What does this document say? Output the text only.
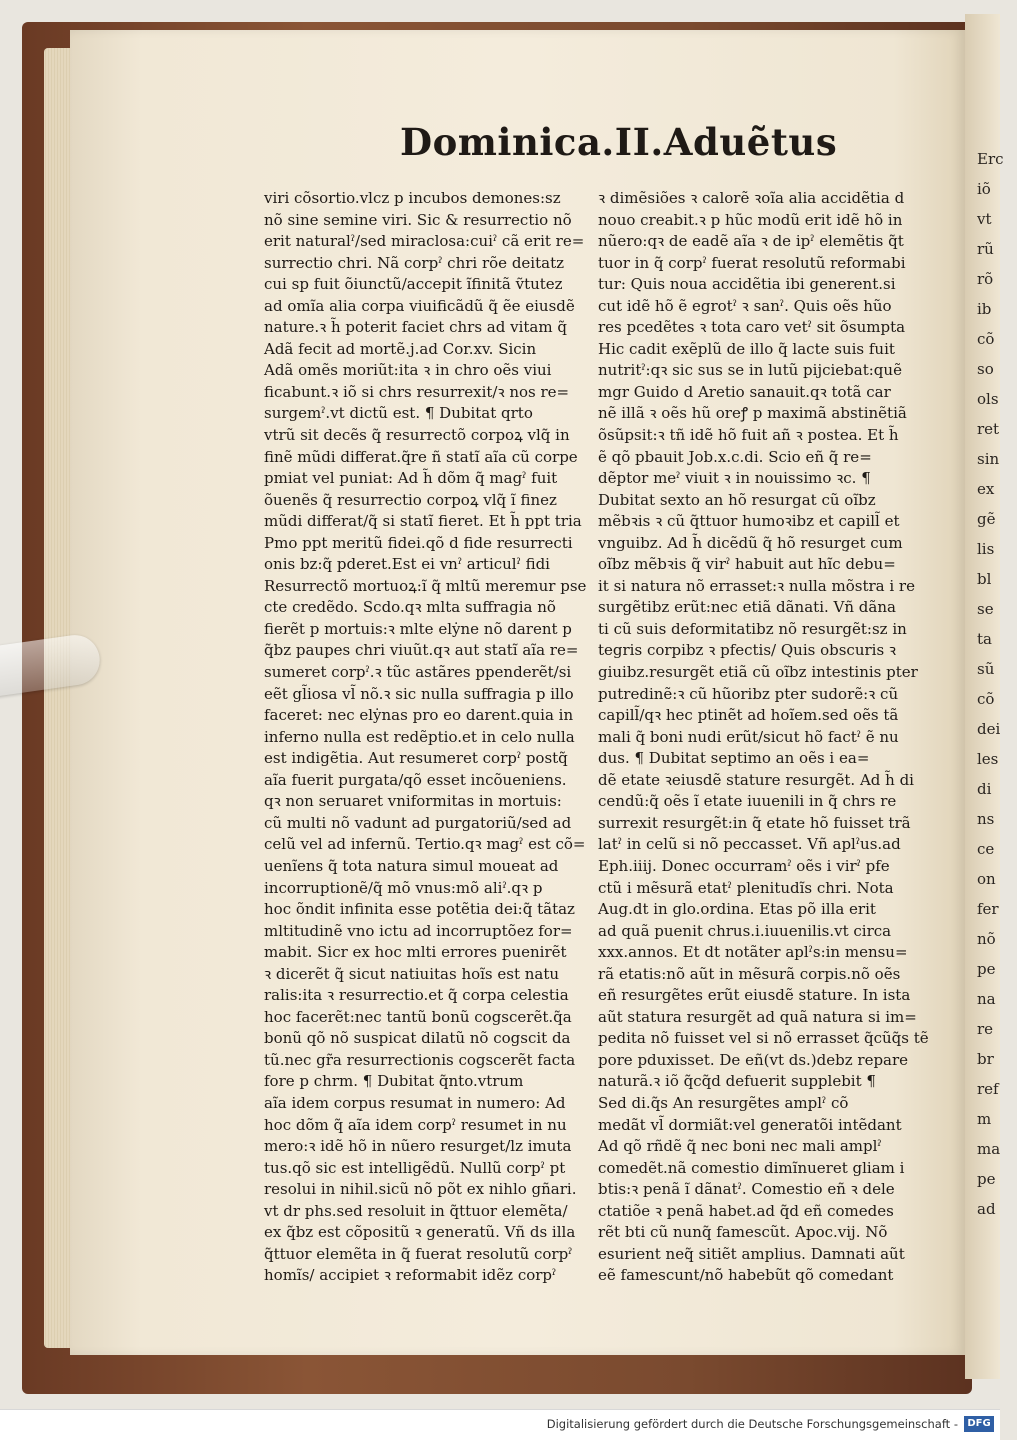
Erc
iõ
vt
rũ
rõ
ib
cõ
so
ols
ret
sin
ex
gẽ
lis
bl
se
ta
sũ
cõ
dei
les
di
ns
ce
on
fer
nõ
pe
na
re
br
ref
m
ma
pe
ad
Dominica.II.Aduẽtus
viri cõsortio.vlcz p incubos demones:sz
nõ sine semine viri. Sic & resurrectio nõ
erit naturalˀ/sed miraclosa:cuiˀ cã erit re=
surrectio chri. Nã corpˀ chri rõe deitatz
cui sp fuit õiunctũ/accepit ĩfinitã ṽtutez
ad omĩa alia corpa viuificãdũ q̃ ẽe eiusdẽ
nature.ꝛ h̃ poterit faciet chrs ad vitam q̃
Adã fecit ad mortẽ.j.ad Cor.xv. Sicin
Adã omẽs moriũt:ita ꝛ in chro oẽs viui
ficabunt.ꝛ iõ si chrs resurrexit/ꝛ nos re=
surgemˀ.vt dictũ est. ¶ Dubitat qrto
vtrũ sit decẽs q̃ resurrectõ corpoꝝ vlq̃ in
finẽ mũdi differat.q̃re ñ statĩ aĩa cũ corpe
pmiat vel puniat: Ad h̃ dõm q̃ magˀ fuit
õuenẽs q̃ resurrectio corpoꝝ vlq̃ ĩ finez
mũdi differat/q̃ si statĩ fieret. Et h̃ ppt tria
Pmo ppt meritũ fidei.qõ d fide resurrecti
onis bz:q̃ pderet.Est ei vnˀ articulˀ fidi
Resurrectõ mortuoꝝ:ĩ q̃ mltũ meremur pse
cte credẽdo. Scdo.qꝛ mlta suffragia nõ
fierẽt p mortuis:ꝛ mlte elẏne nõ darent p
q̃bz paupes chri viuũt.qꝛ aut statĩ aĩa re=
sumeret corpˀ.ꝛ tũc astãres ppenderẽt/si
eẽt gl̃iosa vl̃ nõ.ꝛ sic nulla suffragia p illo
faceret: nec elẏnas pro eo darent.quia in
inferno nulla est redẽptio.et in celo nulla
est indigẽtia. Aut resumeret corpˀ postq̃
aĩa fuerit purgata/qõ esset incõueniens.
qꝛ non seruaret vniformitas in mortuis:
cũ multi nõ vadunt ad purgatoriũ/sed ad
celũ vel ad infernũ. Tertio.qꝛ magˀ est cõ=
uenĩens q̃ tota natura simul moueat ad
incorruptionẽ/q̃ mõ vnus:mõ aliˀ.qꝛ p
hoc õndit infinita esse potẽtia dei:q̃ tãtaz
mltitudinẽ vno ictu ad incorruptõez for=
mabit. Sicr ex hoc mlti errores puenirẽt
ꝛ dicerẽt q̃ sicut natiuitas hoĩs est natu
ralis:ita ꝛ resurrectio.et q̃ corpa celestia
hoc facerẽt:nec tantũ bonũ cogscerẽt.q̃a
bonũ qõ nõ suspicat dilatũ nõ cogscit da
tũ.nec gr̃a resurrectionis cogscerẽt facta
fore p chrm. ¶ Dubitat q̃nto.vtrum
aĩa idem corpus resumat in numero: Ad
hoc dõm q̃ aĩa idem corpˀ resumet in nu
mero:ꝛ idẽ hõ in nũero resurget/lz imuta
tus.qõ sic est intelligẽdũ. Nullũ corpˀ pt
resolui in nihil.sicũ nõ põt ex nihlo gñari.
vt dr phs.sed resoluit in q̃ttuor elemẽta/
ex q̃bz est cõpositũ ꝛ generatũ. Vñ ds illa
q̃ttuor elemẽta in q̃ fuerat resolutũ corpˀ
homĩs/ accipiet ꝛ reformabit idẽz corpˀ
ꝛ dimẽsiões ꝛ calorẽ ꝛoĩa alia accidẽtia d
nouo creabit.ꝛ p hũc modũ erit idẽ hõ in
nũero:qꝛ de eadẽ aĩa ꝛ de ipˀ elemẽtis q̃t
tuor in q̃ corpˀ fuerat resolutũ reformabi
tur: Quis noua accidẽtia ibi generent.si
cut idẽ hõ ẽ egrotˀ ꝛ sanˀ. Quis oẽs hũo
res pcedẽtes ꝛ tota caro vetˀ sit õsumpta
Hic cadit exẽplũ de illo q̃ lacte suis fuit
nutritˀ:qꝛ sic sus se in lutũ pijciebat:quẽ
mgr Guido d Aretio sanauit.qꝛ totã car
nẽ illã ꝛ oẽs hũ oreꝭ p maximã abstinẽtiã
õsũpsit:ꝛ tñ idẽ hõ fuit añ ꝛ postea. Et h̃
ẽ qõ pbauit Job.x.c.di. Scio eñ q̃ re=
dẽptor meˀ viuit ꝛ in nouissimo ꝛc. ¶
Dubitat sexto an hõ resurgat cũ oĩbz
mẽbꝛis ꝛ cũ q̃ttuor humoꝛibz et capill̃ et
vnguibz. Ad h̃ dicẽdũ q̃ hõ resurget cum
oĩbz mẽbꝛis q̃ virˀ habuit aut hĩc debu=
it si natura nõ errasset:ꝛ nulla mõstra i re
surgẽtibz erũt:nec etiã dãnati. Vñ dãna
ti cũ suis deformitatibz nõ resurgẽt:sz in
tegris corpibz ꝛ pfectis/ Quis obscuris ꝛ
giuibz.resurgẽt etiã cũ oĩbz intestinis pter
putredinẽ:ꝛ cũ hũoribz pter sudorẽ:ꝛ cũ
capill̃/qꝛ hec ptinẽt ad hoĩem.sed oẽs tã
mali q̃ boni nudi erũt/sicut hõ factˀ ẽ nu
dus. ¶ Dubitat septimo an oẽs i ea=
dẽ etate ꝛeiusdẽ stature resurgẽt. Ad h̃ di
cendũ:q̃ oẽs ĩ etate iuuenili in q̃ chrs re
surrexit resurgẽt:in q̃ etate hõ fuisset trã
latˀ in celũ si nõ peccasset. Vñ aplˀus.ad
Eph.iiij. Donec occurramˀ oẽs i virˀ pfe
ctũ i mẽsurã etatˀ plenitudĩs chri. Nota
Aug.dt in glo.ordina. Etas põ illa erit
ad quã puenit chrus.i.iuuenilis.vt circa
xxx.annos. Et dt notãter aplˀs:in mensu=
rã etatis:nõ aũt in mẽsurã corpis.nõ oẽs
eñ resurgẽtes erũt eiusdẽ stature. In ista
aũt statura resurgẽt ad quã natura si im=
pedita nõ fuisset vel si nõ errasset q̃cũq̃s tẽ
pore pduxisset. De eñ(vt ds.)debz repare
naturã.ꝛ iõ q̃cq̃d defuerit supplebit ¶
Sed di.q̃s An resurgẽtes amplˀ cõ
medãt vl̃ dormiãt:vel generatõi intẽdant
Ad qõ rñdẽ q̃ nec boni nec mali amplˀ
comedẽt.nã comestio dimĩnueret gliam i
btis:ꝛ penã ĩ dãnatˀ. Comestio eñ ꝛ dele
ctatiõe ꝛ penã habet.ad q̃d eñ comedes
rẽt bti cũ nunq̃ famescũt. Apoc.vij. Nõ
esurient neq̃ sitiẽt amplius. Damnati aũt
eẽ famescunt/nõ habebũt qõ comedant
Digitalisierung gefördert durch die Deutsche Forschungsgemeinschaft - DFG
